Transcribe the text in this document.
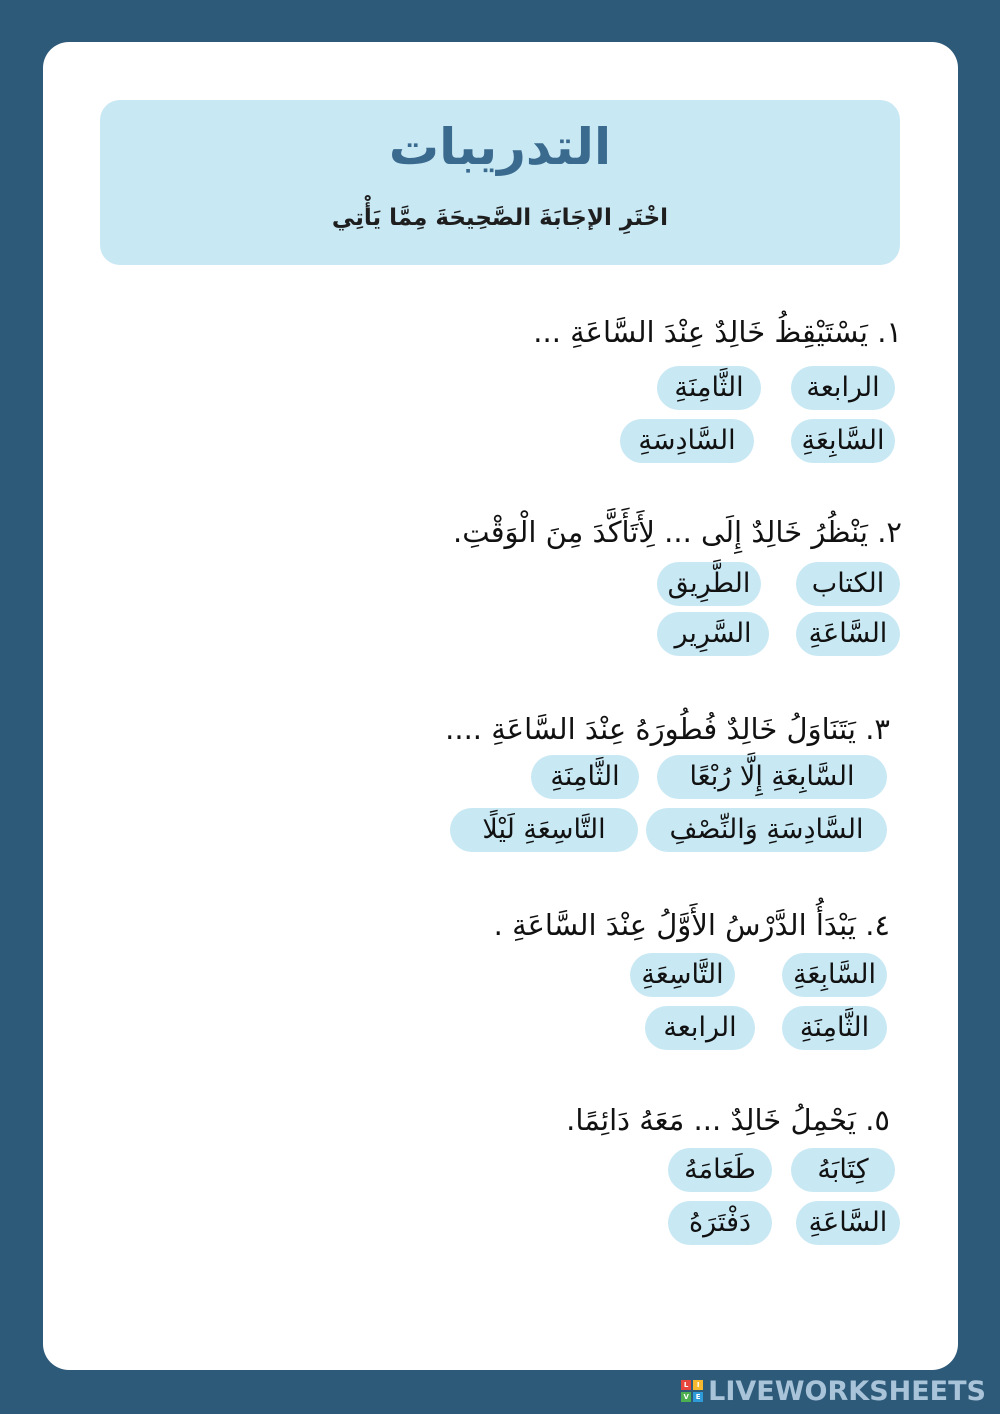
التدريبات
اخْتَرِ الإجَابَةَ الصَّحِيحَةَ مِمَّا يَأْتِي
١. يَسْتَيْقِظُ خَالِدٌ عِنْدَ السَّاعَةِ ...
الرابعة
الثَّامِنَةِ
السَّابِعَةِ
السَّادِسَةِ
٢. يَنْظُرُ خَالِدٌ إِلَى ... لِأَتَأَكَّدَ مِنَ الْوَقْتِ.
الكتاب
الطَّرِيق
السَّاعَةِ
السَّرِير
٣. يَتَنَاوَلُ خَالِدٌ فُطُورَهُ عِنْدَ السَّاعَةِ ....
السَّابِعَةِ إِلَّا رُبْعًا
الثَّامِنَةِ
السَّادِسَةِ وَالنِّصْفِ
التَّاسِعَةِ لَيْلًا
٤. يَبْدَأُ الدَّرْسُ الأَوَّلُ عِنْدَ السَّاعَةِ .
السَّابِعَةِ
التَّاسِعَةِ
الثَّامِنَةِ
الرابعة
٥. يَحْمِلُ خَالِدٌ ... مَعَهُ دَائِمًا.
كِتَابَهُ
طَعَامَهُ
السَّاعَةِ
دَفْتَرَهُ
L	I
V E LIVEWORKSHEETS
